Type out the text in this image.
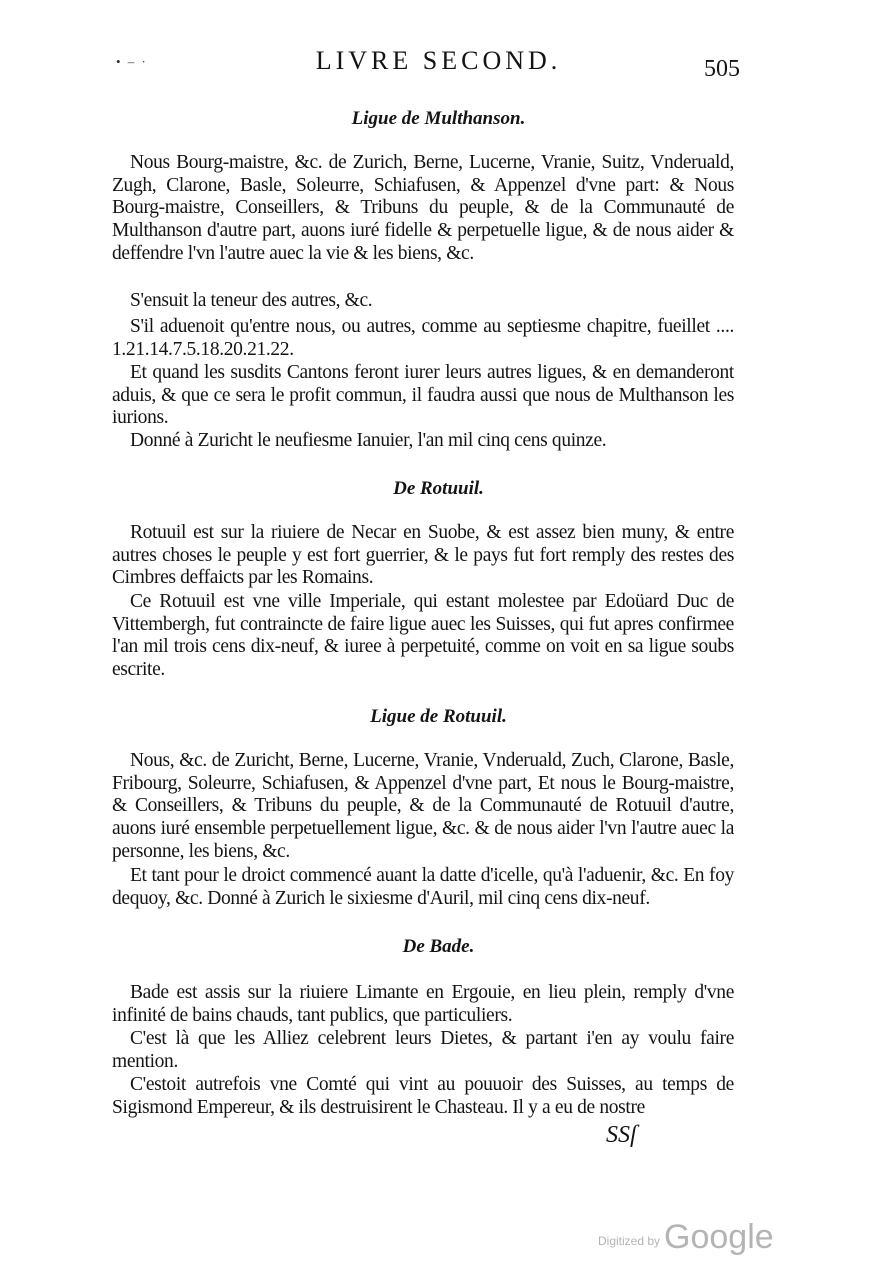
• – ·	LIVRE SECOND.	505
Ligue de Multhanson.

Nous Bourg-maistre, &c. de Zurich, Berne, Lucerne, Vranie, Suitz, Vnderuald, Zugh, Clarone, Basle, Soleurre, Schiafusen, & Appenzel d'vne part: & Nous Bourg-maistre, Conseillers, & Tribuns du peuple, & de la Communauté de Multhanson d'autre part, auons iuré fidelle & perpetuelle ligue, & de nous aider & deffendre l'vn l'autre auec la vie & les biens, &c.

S'ensuit la teneur des autres, &c.

S'il aduenoit qu'entre nous, ou autres, comme au septiesme chapitre, fueillet .... 1.21.14.7.5.18.20.21.22.

Et quand les susdits Cantons feront iurer leurs autres ligues, & en demanderont aduis, & que ce sera le profit commun, il faudra aussi que nous de Multhanson les iurions.

Donné à Zuricht le neufiesme Ianuier, l'an mil cinq cens quinze.

De Rotuuil.

Rotuuil est sur la riuiere de Necar en Suobe, & est assez bien muny, & entre autres choses le peuple y est fort guerrier, & le pays fut fort remply des restes des Cimbres deffaicts par les Romains.

Ce Rotuuil est vne ville Imperiale, qui estant molestee par Edoüard Duc de Vittembergh, fut contraincte de faire ligue auec les Suisses, qui fut apres confirmee l'an mil trois cens dix-neuf, & iuree à perpetuité, comme on voit en sa ligue soubs escrite.

Ligue de Rotuuil.

Nous, &c. de Zuricht, Berne, Lucerne, Vranie, Vnderuald, Zuch, Clarone, Basle, Fribourg, Soleurre, Schiafusen, & Appenzel d'vne part, Et nous le Bourg-maistre, & Conseillers, & Tribuns du peuple, & de la Communauté de Rotuuil d'autre, auons iuré ensemble perpetuellement ligue, &c. & de nous aider l'vn l'autre auec la personne, les biens, &c.

Et tant pour le droict commencé auant la datte d'icelle, qu'à l'aduenir, &c. En foy dequoy, &c. Donné à Zurich le sixiesme d'Auril, mil cinq cens dix-neuf.

De Bade.

Bade est assis sur la riuiere Limante en Ergouie, en lieu plein, remply d'vne infinité de bains chauds, tant publics, que particuliers.

C'est là que les Alliez celebrent leurs Dietes, & partant i'en ay voulu faire mention.

C'estoit autrefois vne Comté qui vint au pouuoir des Suisses, au temps de Sigismond Empereur, & ils destruisirent le Chasteau. Il y a eu de nostre

SSſ
Digitized by Google
